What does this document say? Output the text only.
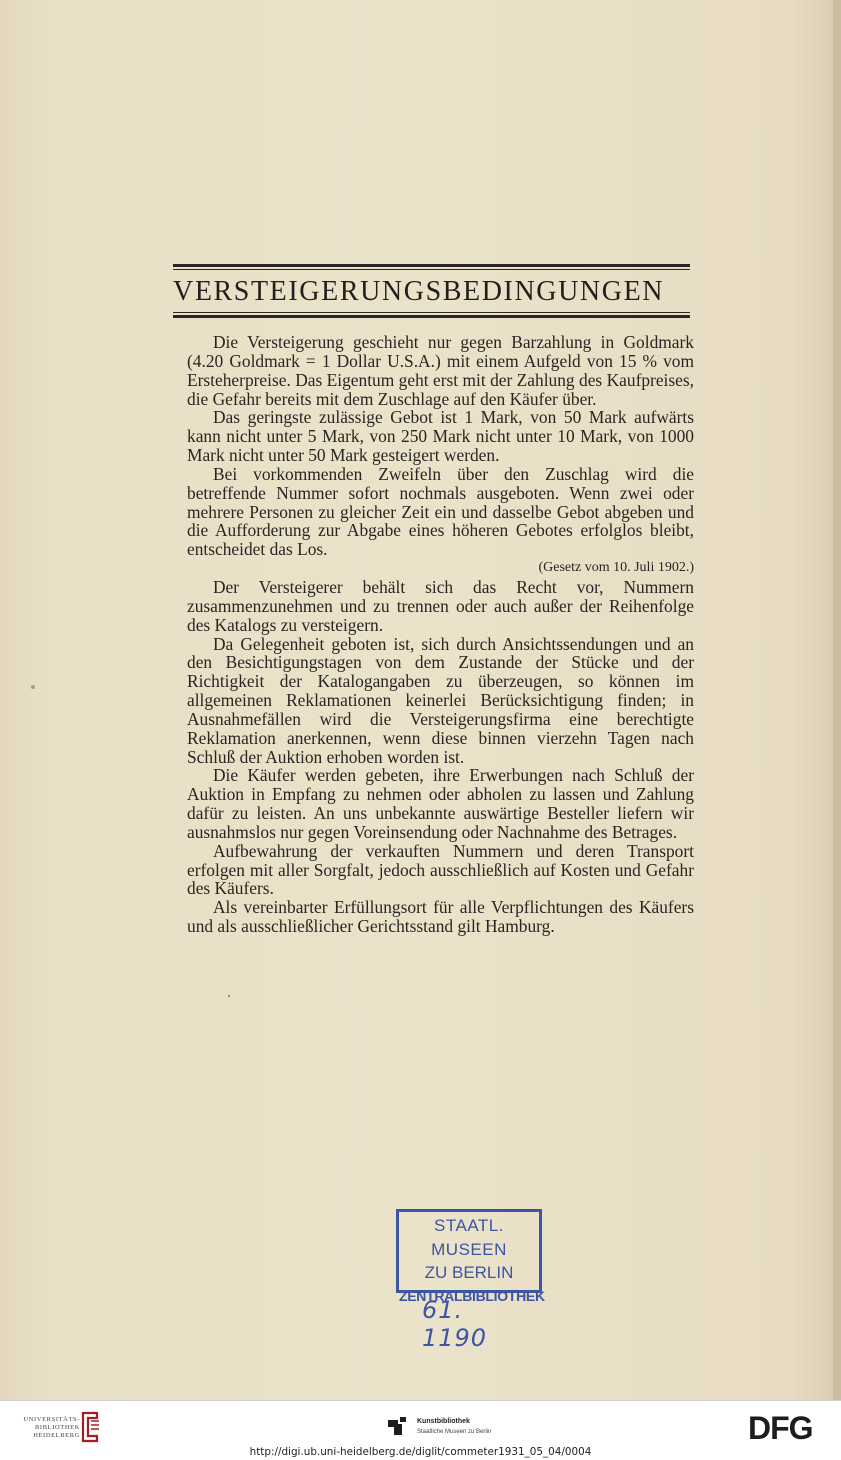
VERSTEIGERUNGSBEDINGUNGEN

Die Versteigerung geschieht nur gegen Barzahlung in Goldmark (4.20 Goldmark = 1 Dollar U.S.A.) mit einem Aufgeld von 15 % vom Ersteherpreise. Das Eigentum geht erst mit der Zahlung des Kaufpreises, die Gefahr bereits mit dem Zuschlage auf den Käufer über.

Das geringste zulässige Gebot ist 1 Mark, von 50 Mark aufwärts kann nicht unter 5 Mark, von 250 Mark nicht unter 10 Mark, von 1000 Mark nicht unter 50 Mark gesteigert werden.

Bei vorkommenden Zweifeln über den Zuschlag wird die betreffende Nummer sofort nochmals ausgeboten. Wenn zwei oder mehrere Personen zu gleicher Zeit ein und dasselbe Gebot abgeben und die Aufforderung zur Abgabe eines höheren Gebotes erfolglos bleibt, entscheidet das Los.

(Gesetz vom 10. Juli 1902.)

Der Versteigerer behält sich das Recht vor, Nummern zusammenzunehmen und zu trennen oder auch außer der Reihenfolge des Katalogs zu versteigern.

Da Gelegenheit geboten ist, sich durch Ansichtssendungen und an den Besichtigungstagen von dem Zustande der Stücke und der Richtigkeit der Katalogangaben zu überzeugen, so können im allgemeinen Reklamationen keinerlei Berücksichtigung finden; in Ausnahmefällen wird die Versteigerungsfirma eine berechtigte Reklamation anerkennen, wenn diese binnen vierzehn Tagen nach Schluß der Auktion erhoben worden ist.

Die Käufer werden gebeten, ihre Erwerbungen nach Schluß der Auktion in Empfang zu nehmen oder abholen zu lassen und Zahlung dafür zu leisten. An uns unbekannte auswärtige Besteller liefern wir ausnahmslos nur gegen Voreinsendung oder Nachnahme des Betrages.

Aufbewahrung der verkauften Nummern und deren Transport erfolgen mit aller Sorgfalt, jedoch ausschließlich auf Kosten und Gefahr des Käufers.

Als vereinbarter Erfüllungsort für alle Verpflichtungen des Käufers und als ausschließlicher Gerichtsstand gilt Hamburg.

STAATL. MUSEEN
ZU BERLIN
ZENTRALBIBLIOTHEK
61. 1190
UNIVERSITÄTS-
BIBLIOTHEK
HEIDELBERG
Kunstbibliothek
Staatliche Museen zu Berlin	DFG
http://digi.ub.uni-heidelberg.de/diglit/commeter1931_05_04/0004
